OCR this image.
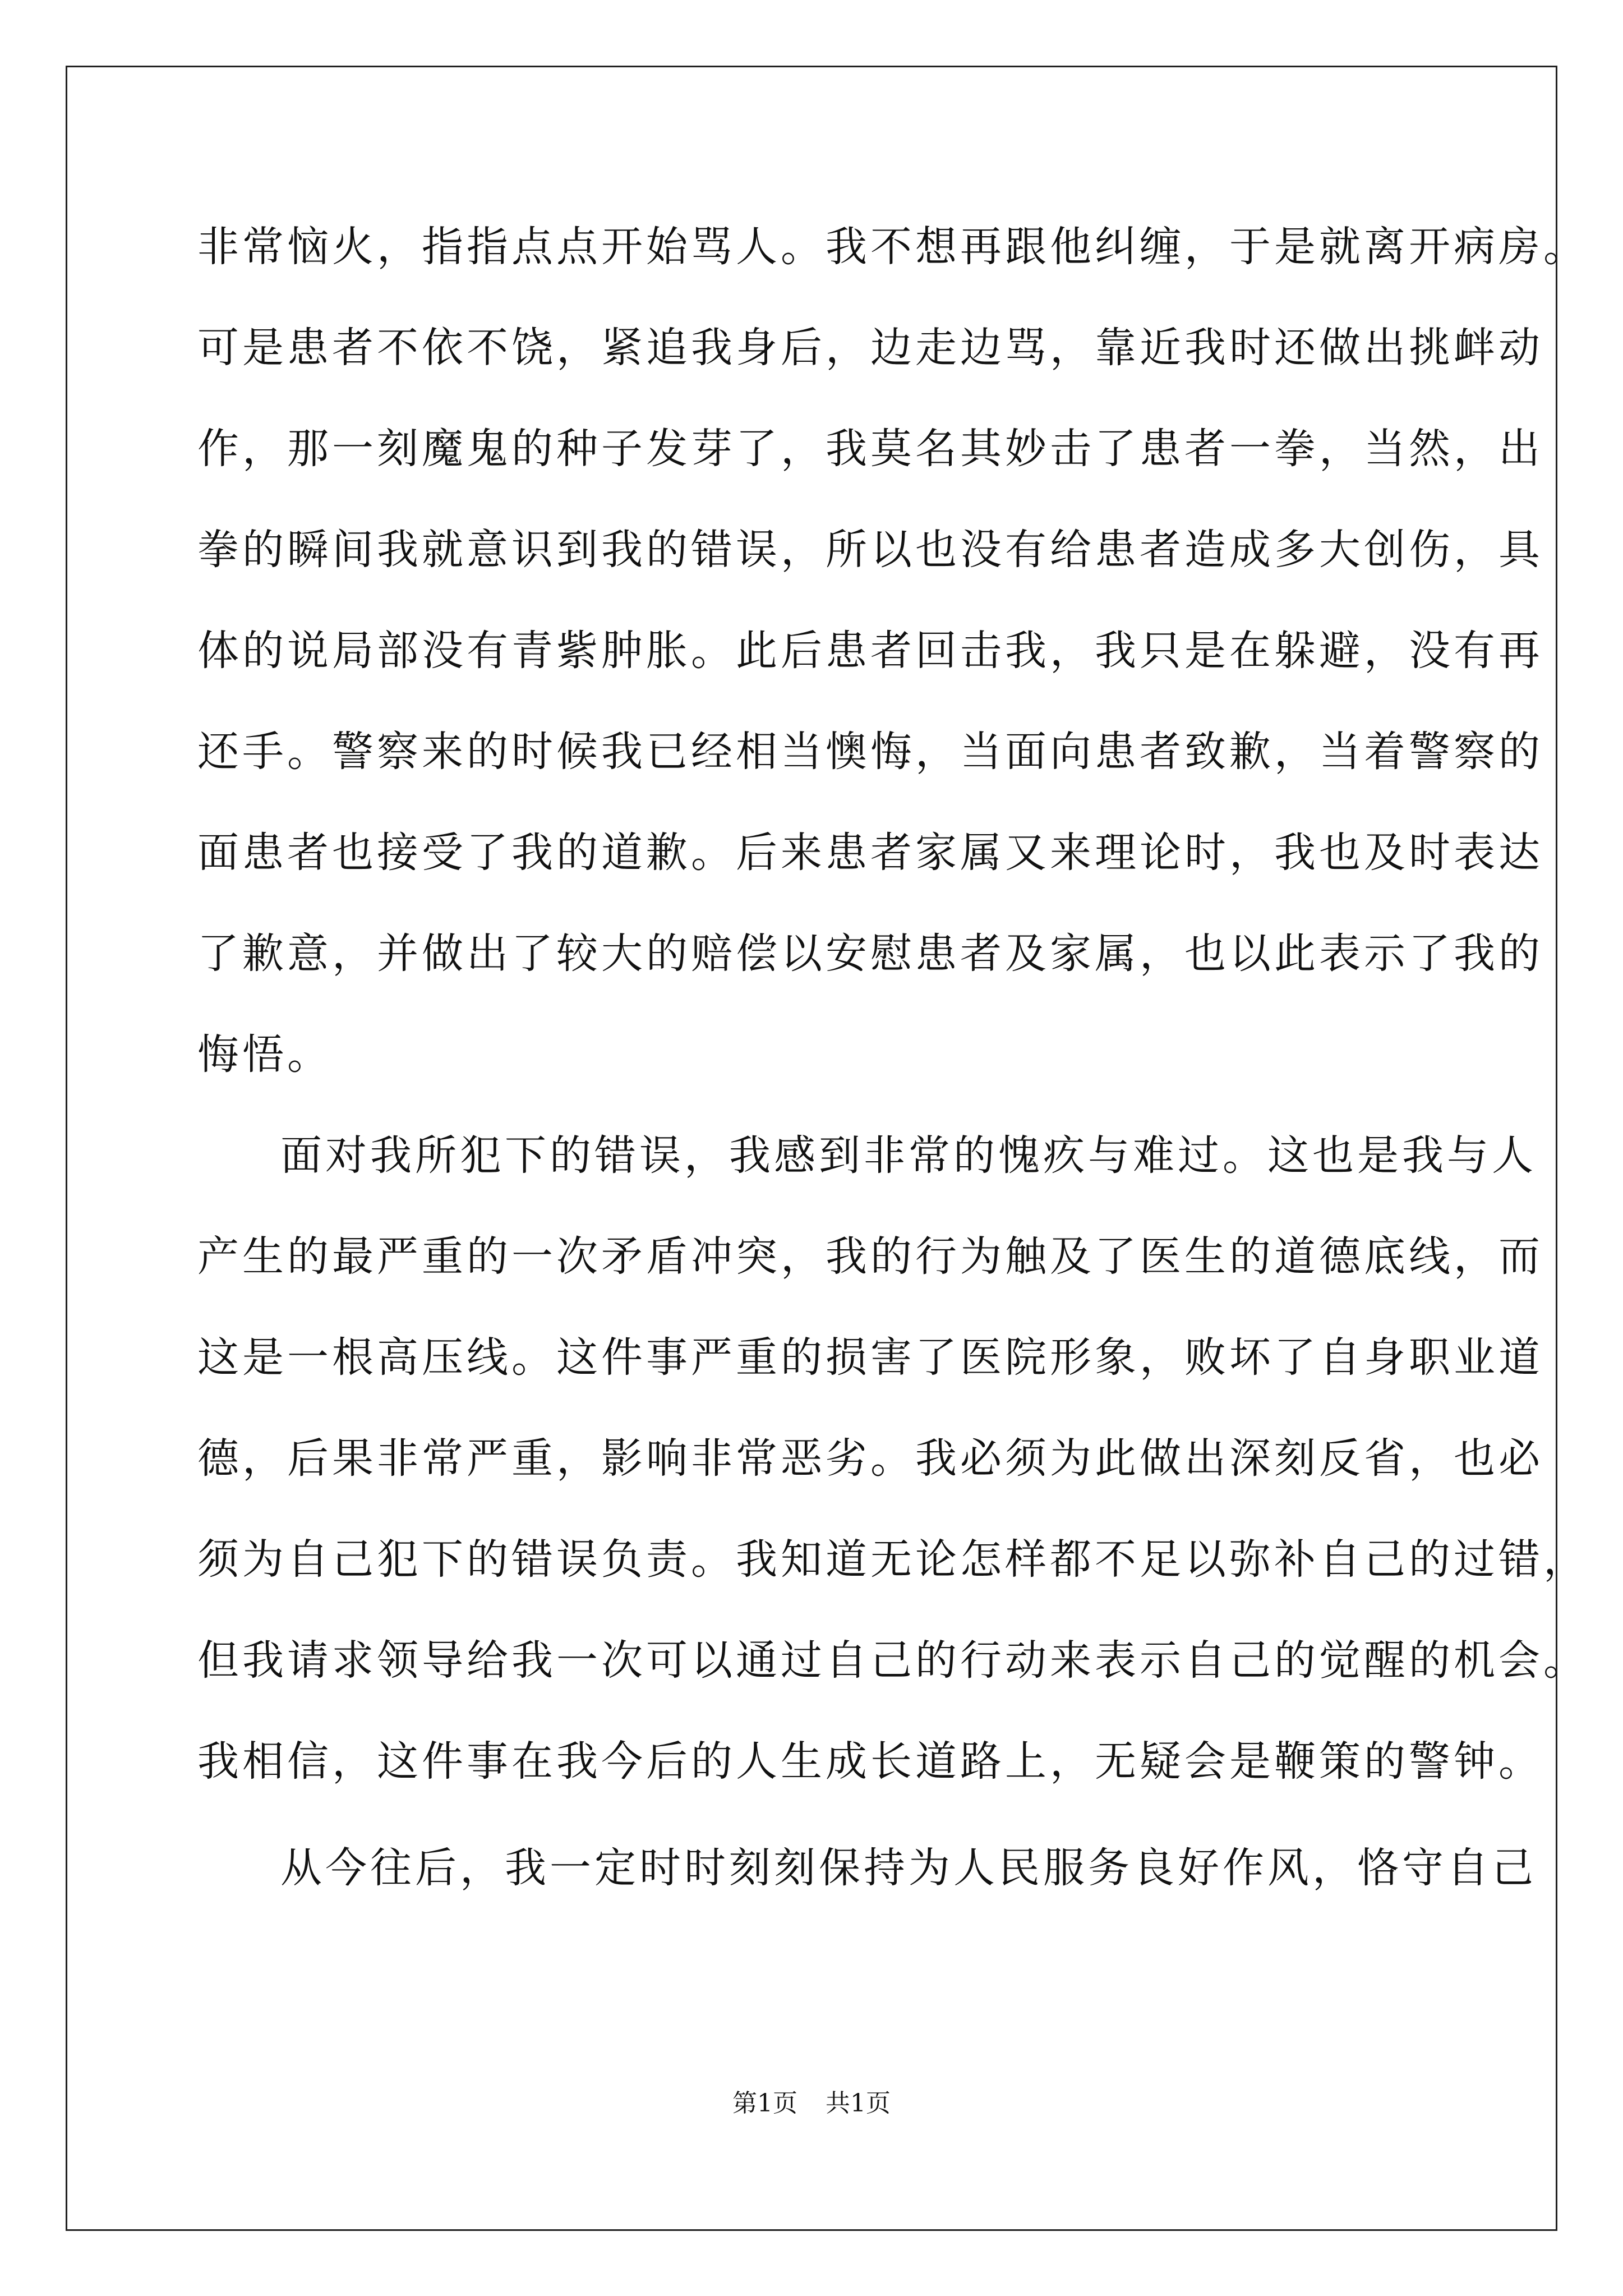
非常恼火，指指点点开始骂人。我不想再跟他纠缠，于是就离开病房。
可是患者不依不饶，紧追我身后，边走边骂，靠近我时还做出挑衅动
作，那一刻魔鬼的种子发芽了，我莫名其妙击了患者一拳，当然，出
拳的瞬间我就意识到我的错误，所以也没有给患者造成多大创伤，具
体的说局部没有青紫肿胀。此后患者回击我，我只是在躲避，没有再
还手。警察来的时候我已经相当懊悔，当面向患者致歉，当着警察的
面患者也接受了我的道歉。后来患者家属又来理论时，我也及时表达
了歉意，并做出了较大的赔偿以安慰患者及家属，也以此表示了我的
悔悟。
面对我所犯下的错误，我感到非常的愧疚与难过。这也是我与人
产生的最严重的一次矛盾冲突，我的行为触及了医生的道德底线，而
这是一根高压线。这件事严重的损害了医院形象，败坏了自身职业道
德，后果非常严重，影响非常恶劣。我必须为此做出深刻反省，也必
须为自己犯下的错误负责。我知道无论怎样都不足以弥补自己的过错，
但我请求领导给我一次可以通过自己的行动来表示自己的觉醒的机会。
我相信，这件事在我今后的人生成长道路上，无疑会是鞭策的警钟。
从今往后，我一定时时刻刻保持为人民服务良好作风，恪守自己
第1页 共1页
